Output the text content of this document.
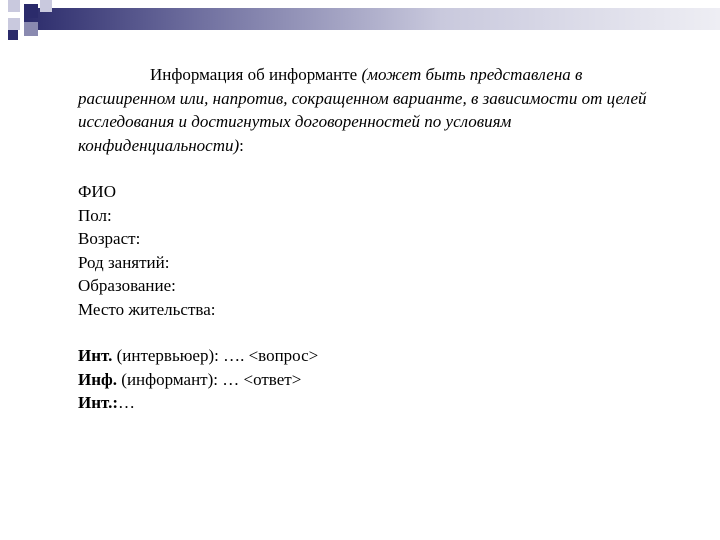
Информация об информанте (может быть представлена в расширенном или, напротив, сокращенном варианте, в зависимости от целей исследования и достигнутых договоренностей по условиям конфиденциальности):

ФИО
Пол:
Возраст:
Род занятий:
Образование:
Место жительства:
Инт. (интервьюер): …. <вопрос>
Инф. (информант): … <ответ>
Инт.:…
